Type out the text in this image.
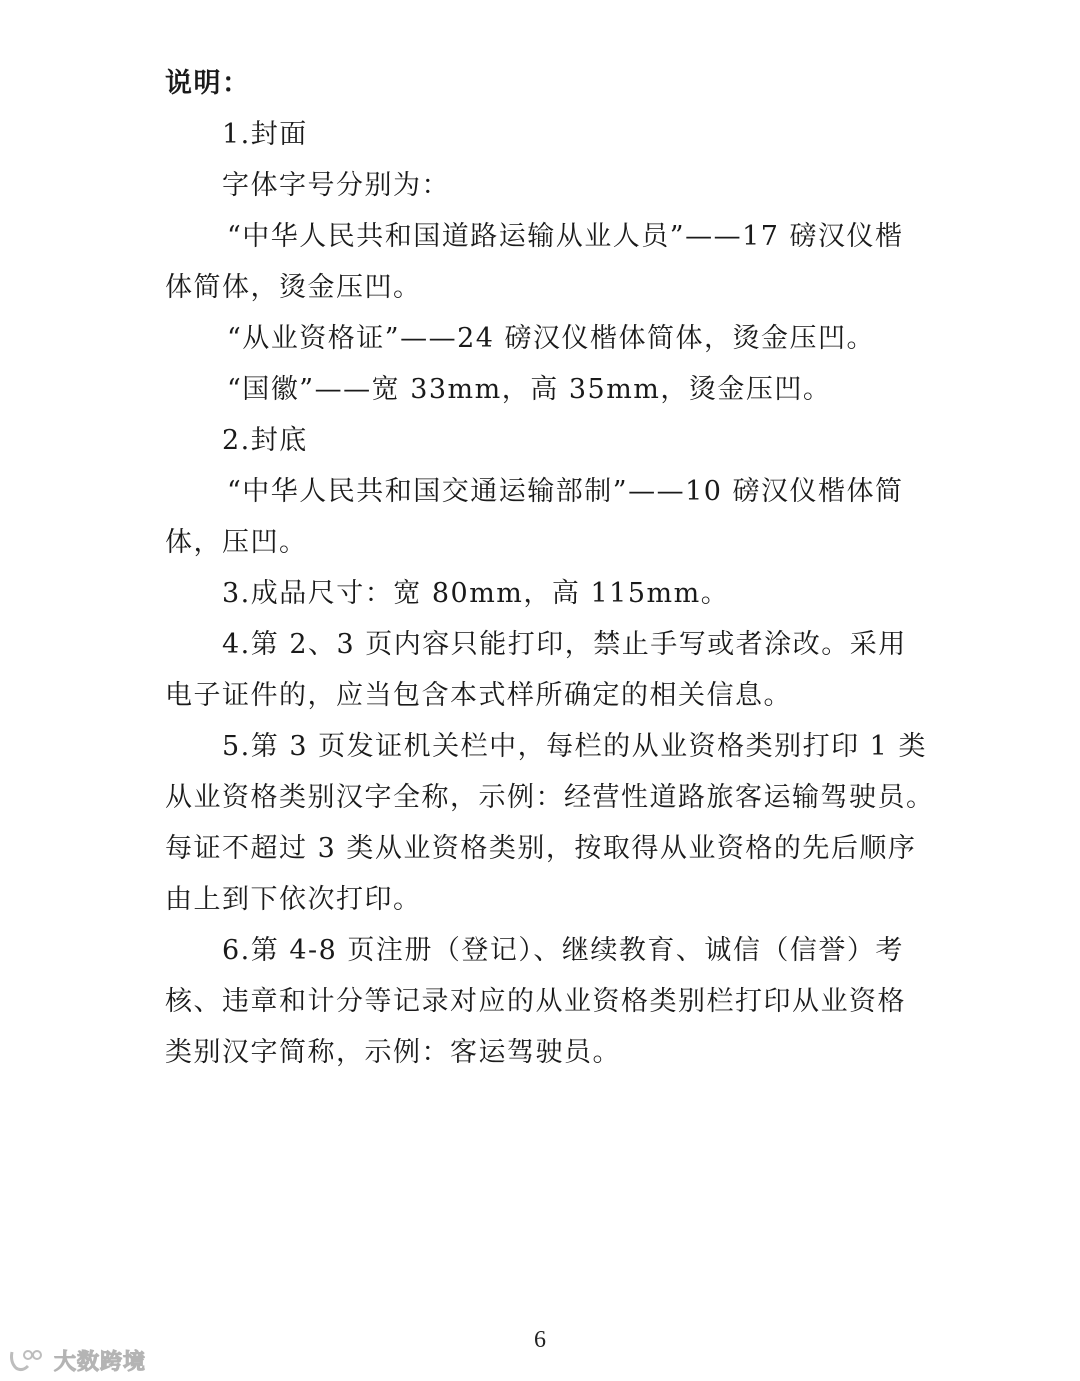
说明：
1.封面
字体字号分别为：
“中华人民共和国道路运输从业人员”——17 磅汉仪楷
体简体，烫金压凹。
“从业资格证”——24 磅汉仪楷体简体，烫金压凹。
“国徽”——宽 33mm，高 35mm，烫金压凹。
2.封底
“中华人民共和国交通运输部制”——10 磅汉仪楷体简
体，压凹。
3.成品尺寸：宽 80mm，高 115mm。
4.第 2、3 页内容只能打印，禁止手写或者涂改。采用
电子证件的，应当包含本式样所确定的相关信息。
5.第 3 页发证机关栏中，每栏的从业资格类别打印 1 类
从业资格类别汉字全称，示例：经营性道路旅客运输驾驶员。
每证不超过 3 类从业资格类别，按取得从业资格的先后顺序
由上到下依次打印。
6.第 4-8 页注册（登记）、继续教育、诚信（信誉）考
核、违章和计分等记录对应的从业资格类别栏打印从业资格
类别汉字简称，示例：客运驾驶员。
6
大数跨境
